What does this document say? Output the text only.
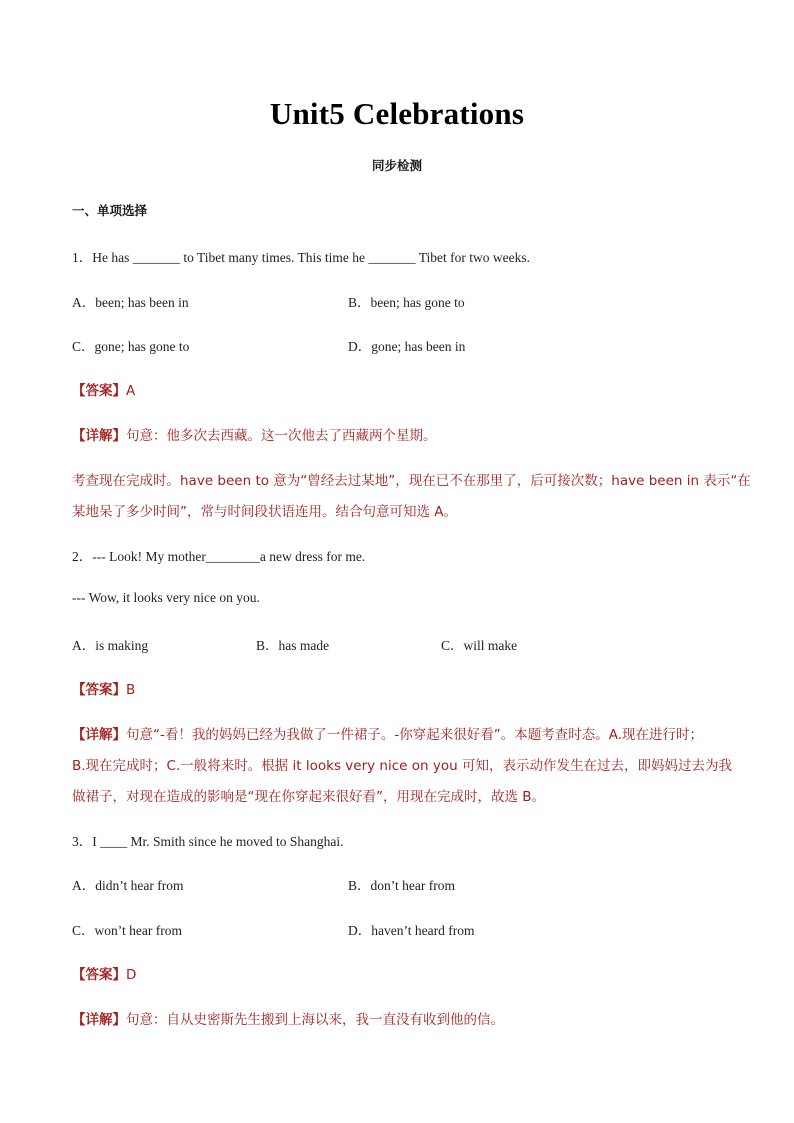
Unit5 Celebrations
同步检测
一、单项选择
1．He has _______ to Tibet many times. This time he _______ Tibet for two weeks.
A．been; has been in	B．been; has gone to
C．gone; has gone to	D．gone; has been in
【答案】A
【详解】句意：他多次去西藏。这一次他去了西藏两个星期。
考查现在完成时。have been to 意为“曾经去过某地”，现在已不在那里了，后可接次数；have been in 表示“在
某地呆了多少时间”，常与时间段状语连用。结合句意可知选 A。
2．--- Look! My mother________a new dress for me.
--- Wow, it looks very nice on you.
A．is making	B．has made	C．will make
【答案】B
【详解】句意“-看！我的妈妈已经为我做了一件裙子。-你穿起来很好看”。本题考查时态。A.现在进行时；
B.现在完成时；C.一般将来时。根据 it looks very nice on you 可知，表示动作发生在过去，即妈妈过去为我
做裙子，对现在造成的影响是“现在你穿起来很好看”，用现在完成时，故选 B。
3．I ____ Mr. Smith since he moved to Shanghai.
A．didn’t hear from	B．don’t hear from
C．won’t hear from	D．haven’t heard from
【答案】D
【详解】句意：自从史密斯先生搬到上海以来，我一直没有收到他的信。
